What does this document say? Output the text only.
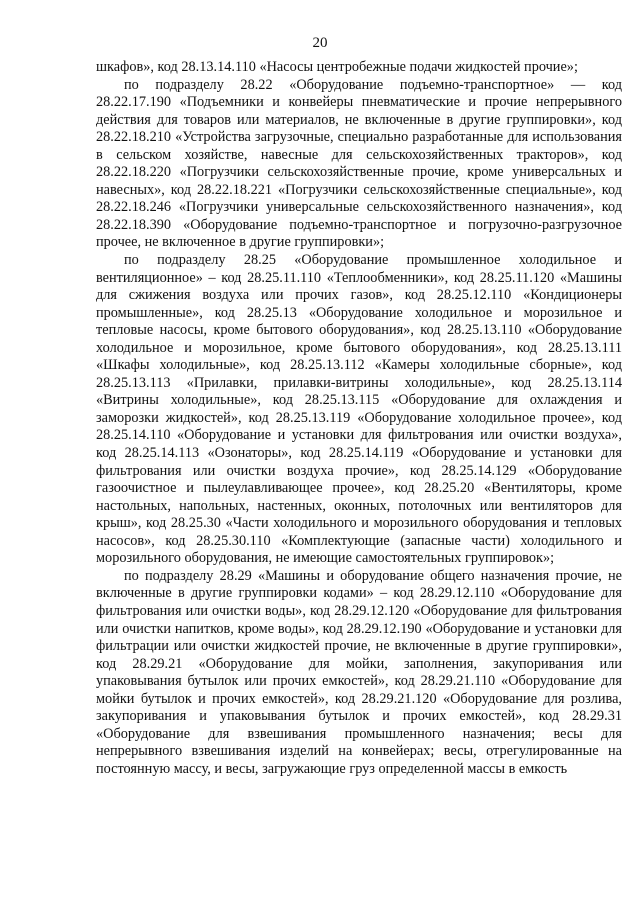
20

шкафов», код 28.13.14.110 «Насосы центробежные подачи жидкостей прочие»;

по подразделу 28.22 «Оборудование подъемно-транспортное» — код 28.22.17.190 «Подъемники и конвейеры пневматические и прочие непрерывного действия для товаров или материалов, не включенные в другие группировки», код 28.22.18.210 «Устройства загрузочные, специально разработанные для использования в сельском хозяйстве, навесные для сельскохозяйственных тракторов», код 28.22.18.220 «Погрузчики сельскохозяйственные прочие, кроме универсальных и навесных», код 28.22.18.221 «Погрузчики сельскохозяйственные специальные», код 28.22.18.246 «Погрузчики универсальные сельскохозяйственного назначения», код 28.22.18.390 «Оборудование подъемно-транспортное и погрузочно-разгрузочное прочее, не включенное в другие группировки»;

по подразделу 28.25 «Оборудование промышленное холодильное и вентиляционное» – код 28.25.11.110 «Теплообменники», код 28.25.11.120 «Машины для сжижения воздуха или прочих газов», код 28.25.12.110 «Кондиционеры промышленные», код 28.25.13 «Оборудование холодильное и морозильное и тепловые насосы, кроме бытового оборудования», код 28.25.13.110 «Оборудование холодильное и морозильное, кроме бытового оборудования», код 28.25.13.111 «Шкафы холодильные», код 28.25.13.112 «Камеры холодильные сборные», код 28.25.13.113 «Прилавки, прилавки-витрины холодильные», код 28.25.13.114 «Витрины холодильные», код 28.25.13.115 «Оборудование для охлаждения и заморозки жидкостей», код 28.25.13.119 «Оборудование холодильное прочее», код 28.25.14.110 «Оборудование и установки для фильтрования или очистки воздуха», код 28.25.14.113 «Озонаторы», код 28.25.14.119 «Оборудование и установки для фильтрования или очистки воздуха прочие», код 28.25.14.129 «Оборудование газоочистное и пылеулавливающее прочее», код 28.25.20 «Вентиляторы, кроме настольных, напольных, настенных, оконных, потолочных или вентиляторов для крыш», код 28.25.30 «Части холодильного и морозильного оборудования и тепловых насосов», код 28.25.30.110 «Комплектующие (запасные части) холодильного и морозильного оборудования, не имеющие самостоятельных группировок»;

по подразделу 28.29 «Машины и оборудование общего назначения прочие, не включенные в другие группировки кодами» – код 28.29.12.110 «Оборудование для фильтрования или очистки воды», код 28.29.12.120 «Оборудование для фильтрования или очистки напитков, кроме воды», код 28.29.12.190 «Оборудование и установки для фильтрации или очистки жидкостей прочие, не включенные в другие группировки», код 28.29.21 «Оборудование для мойки, заполнения, закупоривания или упаковывания бутылок или прочих емкостей», код 28.29.21.110 «Оборудование для мойки бутылок и прочих емкостей», код 28.29.21.120 «Оборудование для розлива, закупоривания и упаковывания бутылок и прочих емкостей», код 28.29.31 «Оборудование для взвешивания промышленного назначения; весы для непрерывного взвешивания изделий на конвейерах; весы, отрегулированные на постоянную массу, и весы, загружающие груз определенной массы в емкость
